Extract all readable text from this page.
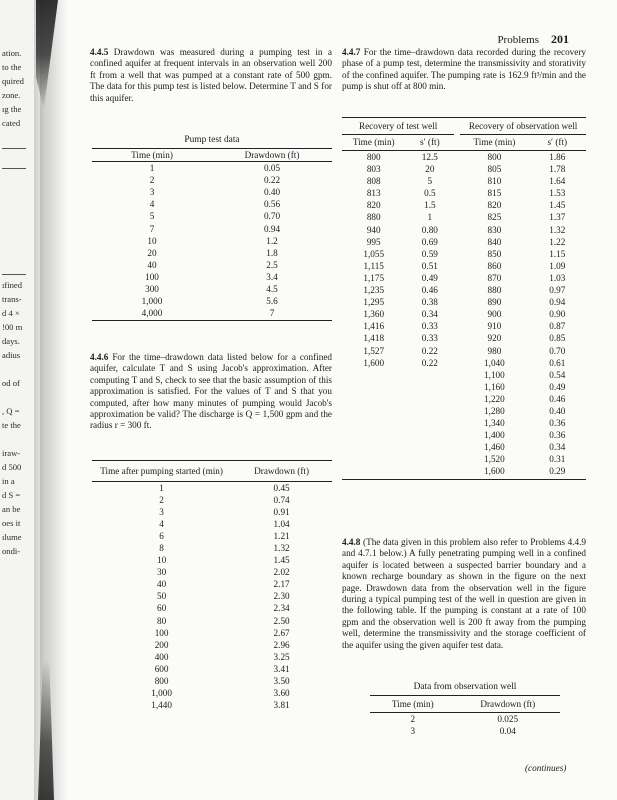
ation.
to the
quired
zone.
ıg the
cated
ıfined
trans-
d 4 ×
!00 m
days.
adius
od of
, Q =
te the
iraw-
d 500
in a
d S =
an be
oes it
ılume
ondi-
Problems 201

4.4.5 Drawdown was measured during a pumping test in a confined aquifer at frequent intervals in an observation well 200 ft from a well that was pumped at a constant rate of 500 gpm. The data for this pump test is listed below. Determine T and S for this aquifer.

Pump test data
Time (min)	Drawdown (ft)
1	0.05
2	0.22
3	0.40
4	0.56
5	0.70
7	0.94
10	1.2
20	1.8
40	2.5
100	3.4
300	4.5
1,000	5.6
4,000	7

4.4.6 For the time–drawdown data listed below for a confined aquifer, calculate T and S using Jacob's approximation. After computing T and S, check to see that the basic assumption of this approximation is satisfied. For the values of T and S that you computed, after how many minutes of pumping would Jacob's approximation be valid? The discharge is Q = 1,500 gpm and the radius r = 300 ft.

Time after pumping started (min)	Drawdown (ft)
1	0.45
2	0.74
3	0.91
4	1.04
6	1.21
8	1.32
10	1.45
30	2.02
40	2.17
50	2.30
60	2.34
80	2.50
100	2.67
200	2.96
400	3.25
600	3.41
800	3.50
1,000	3.60
1,440	3.81

4.4.7 For the time–drawdown data recorded during the recovery phase of a pump test, determine the transmissivity and storativity of the confined aquifer. The pumping rate is 162.9 ft³/min and the pump is shut off at 800 min.

Recovery of test well			Recovery of observation well	
Time (min)	s′ (ft)		Time (min)	s′ (ft)
800	12.5		800	1.86
803	20		805	1.78
808	5		810	1.64
813	0.5		815	1.53
820	1.5		820	1.45
880	1		825	1.37
940	0.80		830	1.32
995	0.69		840	1.22
1,055	0.59		850	1.15
1,115	0.51		860	1.09
1,175	0.49		870	1.03
1,235	0.46		880	0.97
1,295	0.38		890	0.94
1,360	0.34		900	0.90
1,416	0.33		910	0.87
1,418	0.33		920	0.85
1,527	0.22		980	0.70
1,600	0.22		1,040	0.61
			1,100	0.54
			1,160	0.49
			1,220	0.46
			1,280	0.40
			1,340	0.36
			1,400	0.36
			1,460	0.34
			1,520	0.31
			1,600	0.29

4.4.8 (The data given in this problem also refer to Problems 4.4.9 and 4.7.1 below.) A fully penetrating pumping well in a confined aquifer is located between a suspected barrier boundary and a known recharge boundary as shown in the figure on the next page. Drawdown data from the observation well in the figure during a typical pumping test of the well in question are given in the following table. If the pumping is constant at a rate of 100 gpm and the observation well is 200 ft away from the pumping well, determine the transmissivity and the storage coefficient of the aquifer using the given aquifer test data.

Data from observation well
Time (min)	Drawdown (ft)
2	0.025
3	0.04
(continues)
